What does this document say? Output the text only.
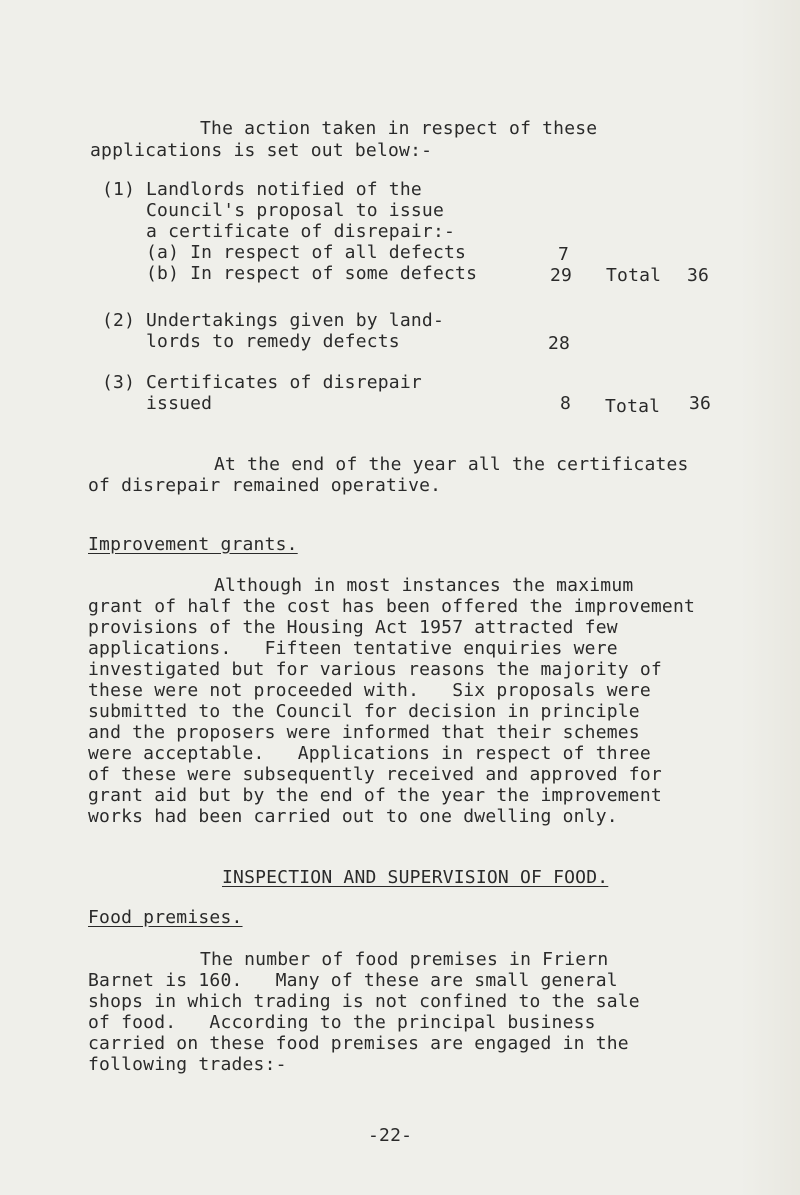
The action taken in respect of these
applications is set out below:-
(1) Landlords notified of the
Council's proposal to issue
a certificate of disrepair:-
(a) In respect of all defects	7
(b) In respect of some defects	29 Total 36
(2) Undertakings given by land-
lords to remedy defects	28
(3) Certificates of disrepair
issued	8 Total 36
At the end of the year all the certificates
of disrepair remained operative.
Improvement grants.
Although in most instances the maximum
grant of half the cost has been offered the improvement
provisions of the Housing Act 1957 attracted few
applications.   Fifteen tentative enquiries were
investigated but for various reasons the majority of
these were not proceeded with.   Six proposals were
submitted to the Council for decision in principle
and the proposers were informed that their schemes
were acceptable.   Applications in respect of three
of these were subsequently received and approved for
grant aid but by the end of the year the improvement
works had been carried out to one dwelling only.
INSPECTION AND SUPERVISION OF FOOD.
Food premises.
The number of food premises in Friern
Barnet is 160.   Many of these are small general
shops in which trading is not confined to the sale
of food.   According to the principal business
carried on these food premises are engaged in the
following trades:-
-22-
